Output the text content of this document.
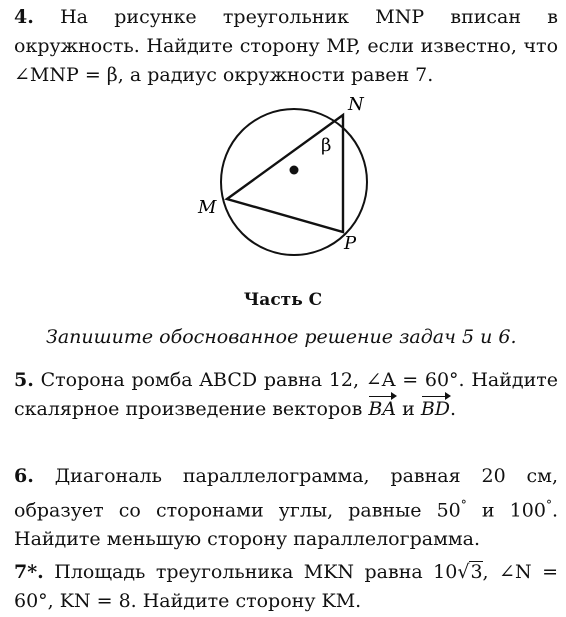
4. На рисунке треугольник MNP вписан в окружность. Найдите сторону MP, если известно, что ∠MNP = β, а радиус окружности равен 7.

M
N
P
β
Часть С
Запишите обоснованное решение задач 5 и 6.

5. Сторона ромба ABCD равна 12, ∠A = 60°. Найдите скалярное произведение векторов BA и BD.

6. Диагональ параллелограмма, равная 20 см, образует со сторонами углы, равные 50° и 100°. Найдите меньшую сторону параллелограмма.

7*. Площадь треугольника MKN равна 10√3, ∠N = 60°, KN = 8. Найдите сторону KM.
